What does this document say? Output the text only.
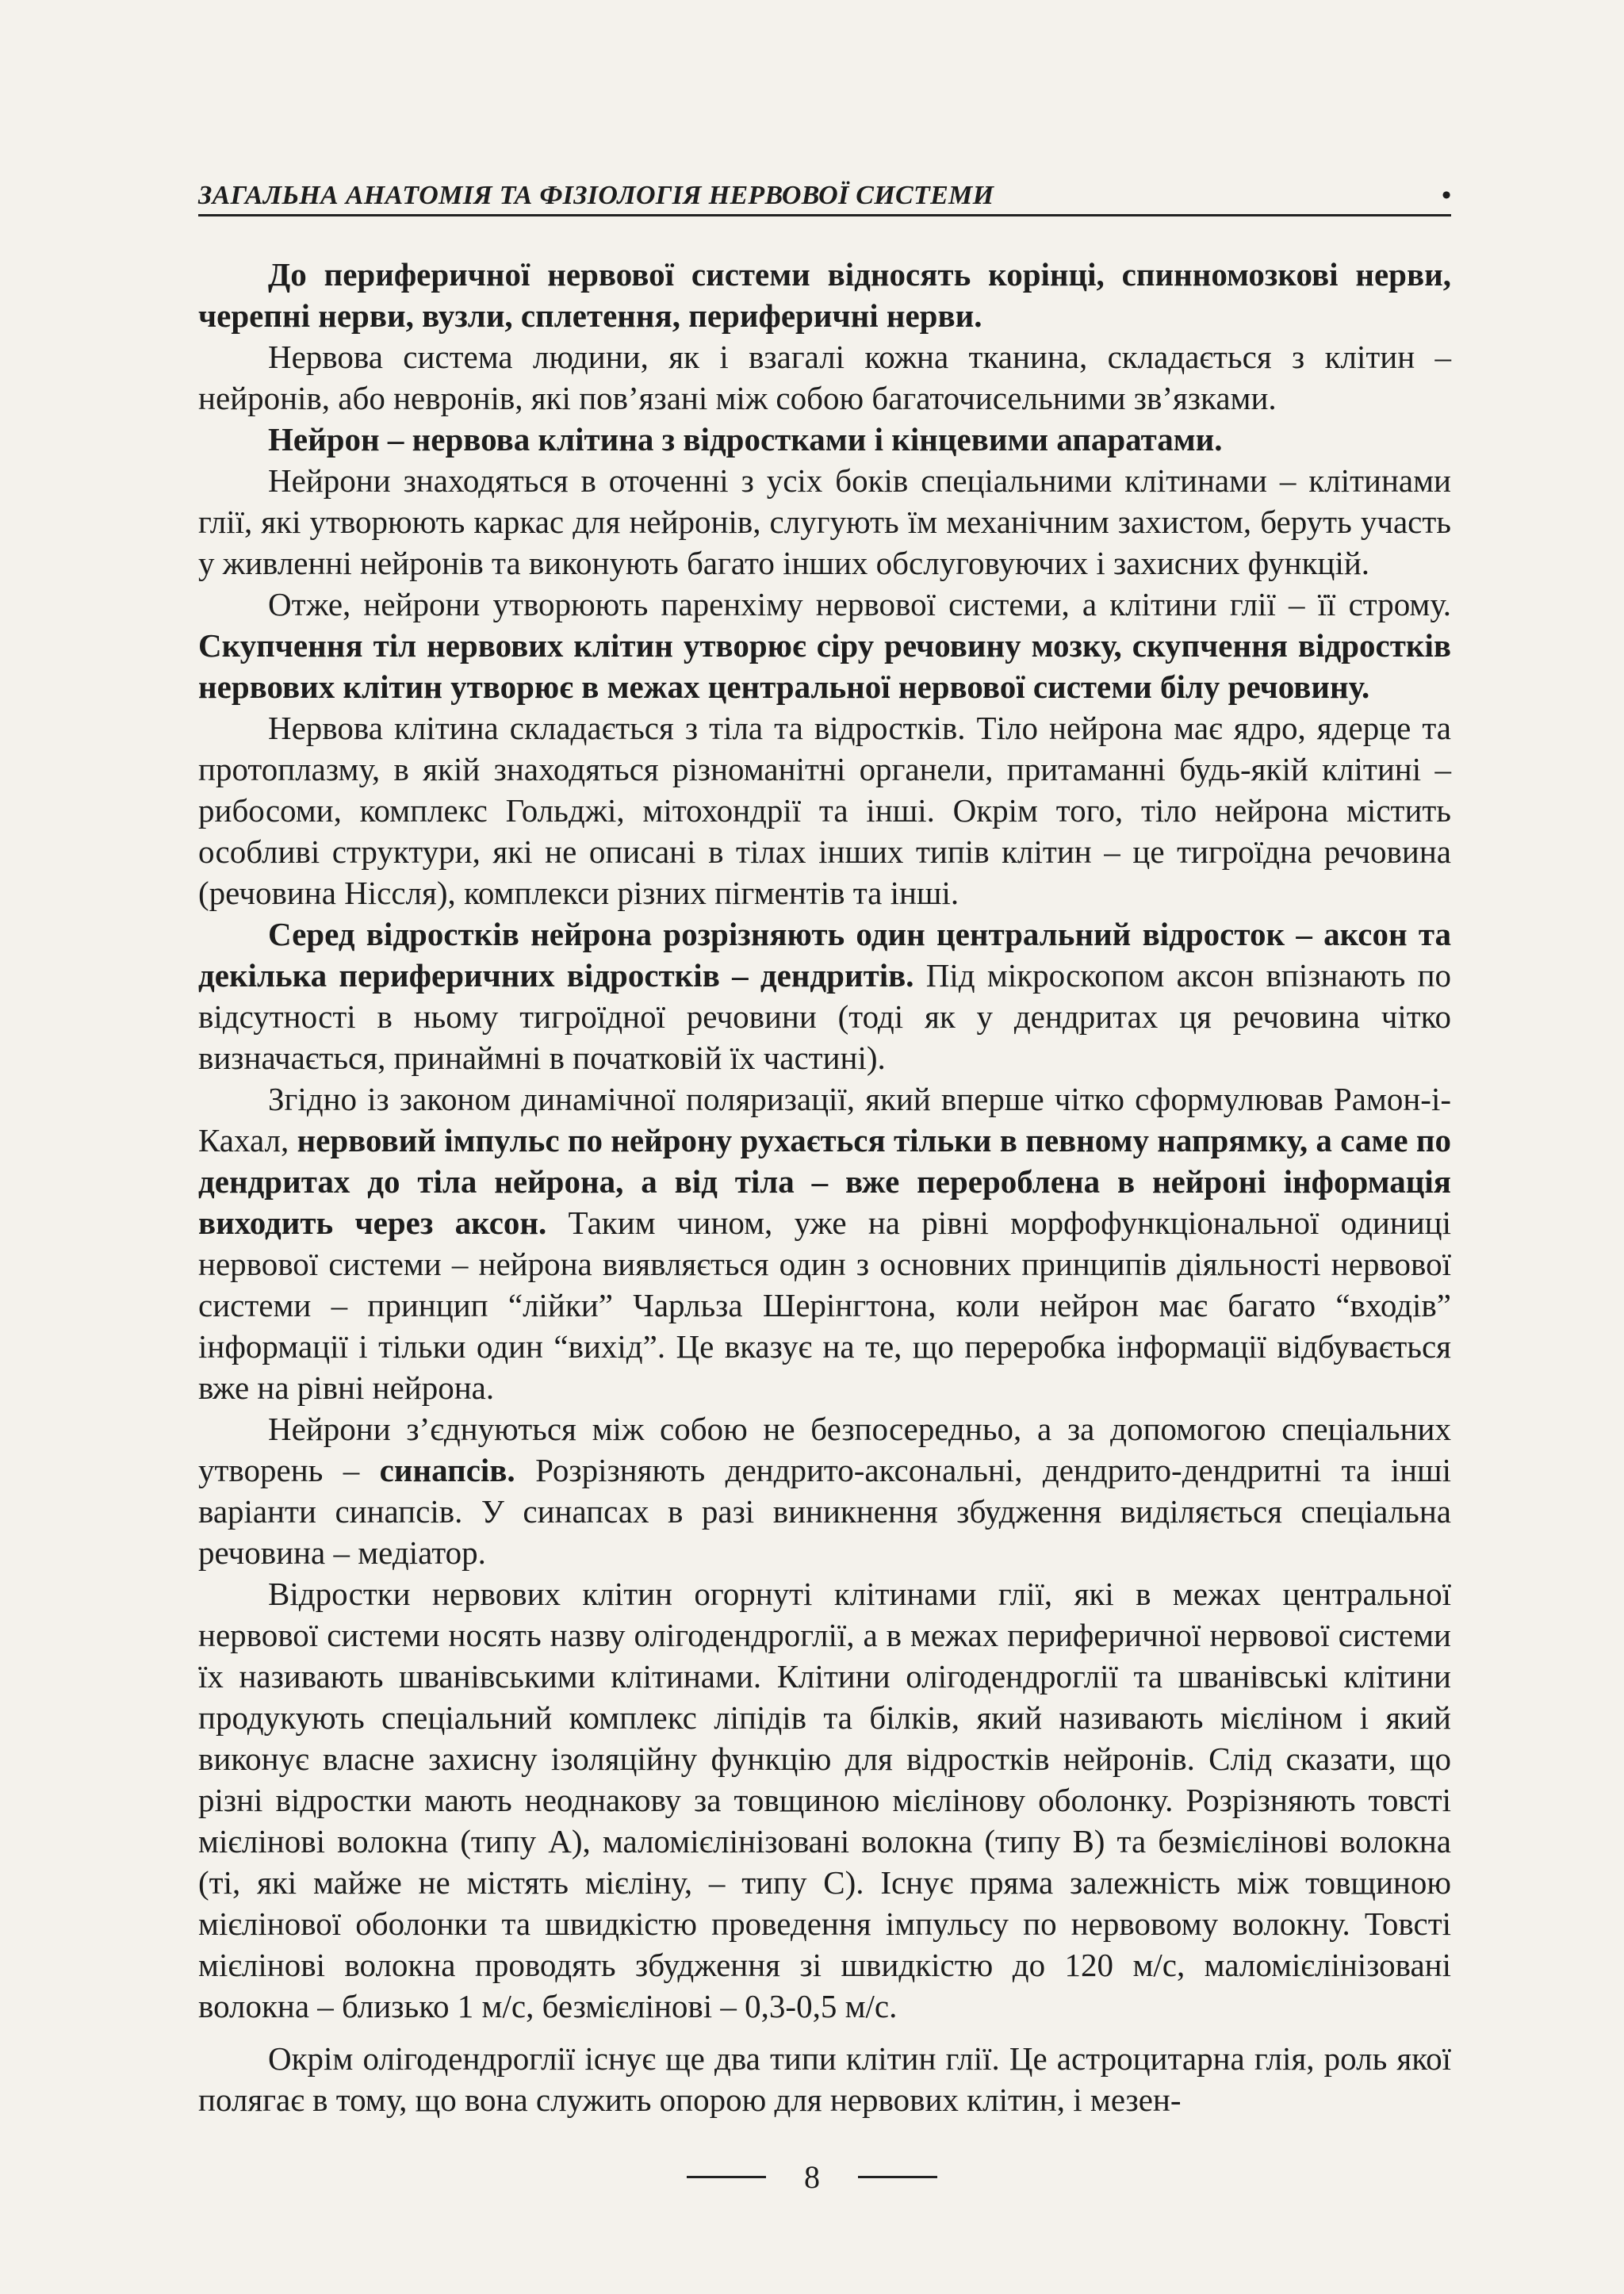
ЗАГАЛЬНА АНАТОМІЯ ТА ФІЗІОЛОГІЯ НЕРВОВОЇ СИСТЕМИ	•

До периферичної нервової системи відносять корінці, спинномозкові нерви, черепні нерви, вузли, сплетення, периферичні нерви.

Нервова система людини, як і взагалі кожна тканина, складається з клітин – нейронів, або невронів, які пов’язані між собою багаточисельними зв’язками.

Нейрон – нервова клітина з відростками і кінцевими апаратами.

Нейрони знаходяться в оточенні з усіх боків спеціальними клітинами – клітинами глії, які утворюють каркас для нейронів, слугують їм механічним захистом, беруть участь у живленні нейронів та виконують багато інших обслуговуючих і захисних функцій.

Отже, нейрони утворюють паренхіму нервової системи, а клітини глії – її строму. Скупчення тіл нервових клітин утворює сіру речовину мозку, скупчення відростків нервових клітин утворює в межах центральної нервової системи білу речовину.

Нервова клітина складається з тіла та відростків. Тіло нейрона має ядро, ядерце та протоплазму, в якій знаходяться різноманітні органели, притаманні будь-якій клітині – рибосоми, комплекс Гольджі, мітохондрії та інші. Окрім того, тіло нейрона містить особливі структури, які не описані в тілах інших типів клітин – це тигроїдна речовина (речовина Ніссля), комплекси різних пігментів та інші.

Серед відростків нейрона розрізняють один центральний відросток – аксон та декілька периферичних відростків – дендритів. Під мікроскопом аксон впізнають по відсутності в ньому тигроїдної речовини (тоді як у дендритах ця речовина чітко визначається, принаймні в початковій їх частині).

Згідно із законом динамічної поляризації, який вперше чітко сформулював Рамон-і-Кахал, нервовий імпульс по нейрону рухається тільки в певному напрямку, а саме по дендритах до тіла нейрона, а від тіла – вже перероблена в нейроні інформація виходить через аксон. Таким чином, уже на рівні морфофункціональної одиниці нервової системи – нейрона виявляється один з основних принципів діяльності нервової системи – принцип “лійки” Чарльза Шерінгтона, коли нейрон має багато “входів” інформації і тільки один “вихід”. Це вказує на те, що переробка інформації відбувається вже на рівні нейрона.

Нейрони з’єднуються між собою не безпосередньо, а за допомогою спеціальних утворень – синапсів. Розрізняють дендрито-аксональні, дендрито-дендритні та інші варіанти синапсів. У синапсах в разі виникнення збудження виділяється спеціальна речовина – медіатор.

Відростки нервових клітин огорнуті клітинами глії, які в межах центральної нервової системи носять назву олігодендроглії, а в межах периферичної нервової системи їх називають шванівськими клітинами. Клітини олігодендроглії та шванівські клітини продукують спеціальний комплекс ліпідів та білків, який називають мієліном і який виконує власне захисну ізоляційну функцію для відростків нейронів. Слід сказати, що різні відростки мають неоднакову за товщиною мієлінову оболонку. Розрізняють товсті мієлінові волокна (типу А), маломієлінізовані волокна (типу В) та безмієлінові волокна (ті, які майже не містять мієліну, – типу С). Існує пряма залежність між товщиною мієлінової оболонки та швидкістю проведення імпульсу по нервовому волокну. Товсті мієлінові волокна проводять збудження зі швидкістю до 120 м/с, маломієлінізовані волокна – близько 1 м/с, безмієлінові – 0,3-0,5 м/с.

Окрім олігодендроглії існує ще два типи клітин глії. Це астроцитарна глія, роль якої полягає в тому, що вона служить опорою для нервових клітин, і мезен-

8
